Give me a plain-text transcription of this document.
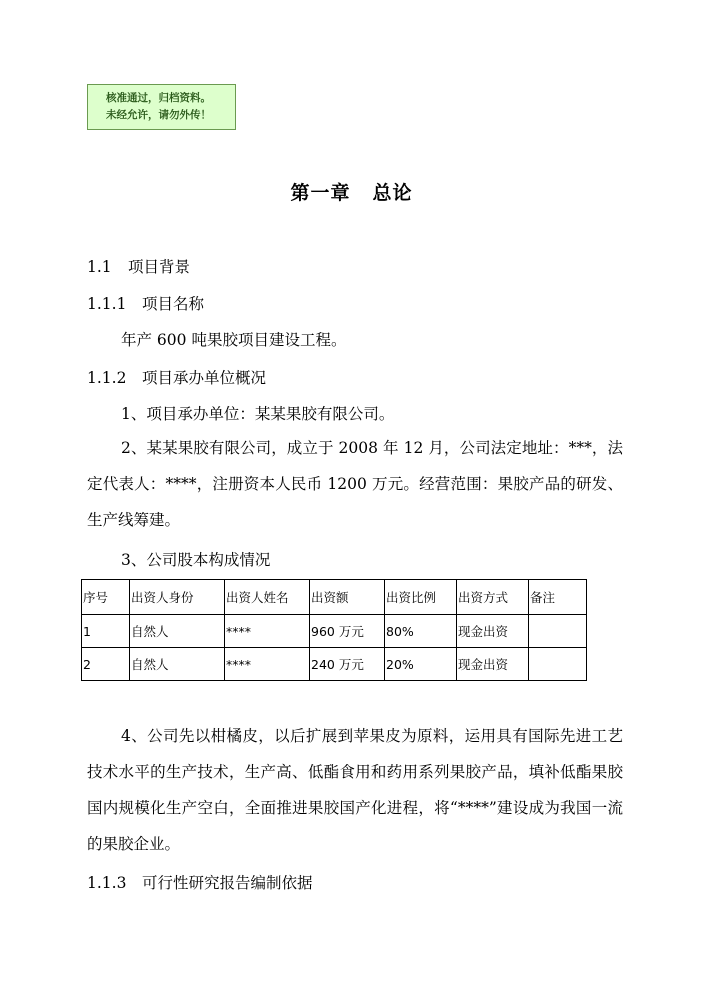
核准通过，归档资料。
未经允许，请勿外传！
第一章 总论
1.1 项目背景
1.1.1 项目名称
年产 600 吨果胶项目建设工程。
1.1.2 项目承办单位概况
1、项目承办单位：某某果胶有限公司。
2、某某果胶有限公司，成立于 2008 年 12 月，公司法定地址：***，法定代表人：****，注册资本人民币 1200 万元。经营范围：果胶产品的研发、生产线筹建。
3、公司股本构成情况
序号	出资人身份	出资人姓名	出资额	出资比例	出资方式	备注
1	自然人	****	960 万元	80%	现金出资	
2	自然人	****	240 万元	20%	现金出资	
4、公司先以柑橘皮，以后扩展到苹果皮为原料，运用具有国际先进工艺技术水平的生产技术，生产高、低酯食用和药用系列果胶产品，填补低酯果胶国内规模化生产空白，全面推进果胶国产化进程，将“****”建设成为我国一流的果胶企业。
1.1.3 可行性研究报告编制依据
